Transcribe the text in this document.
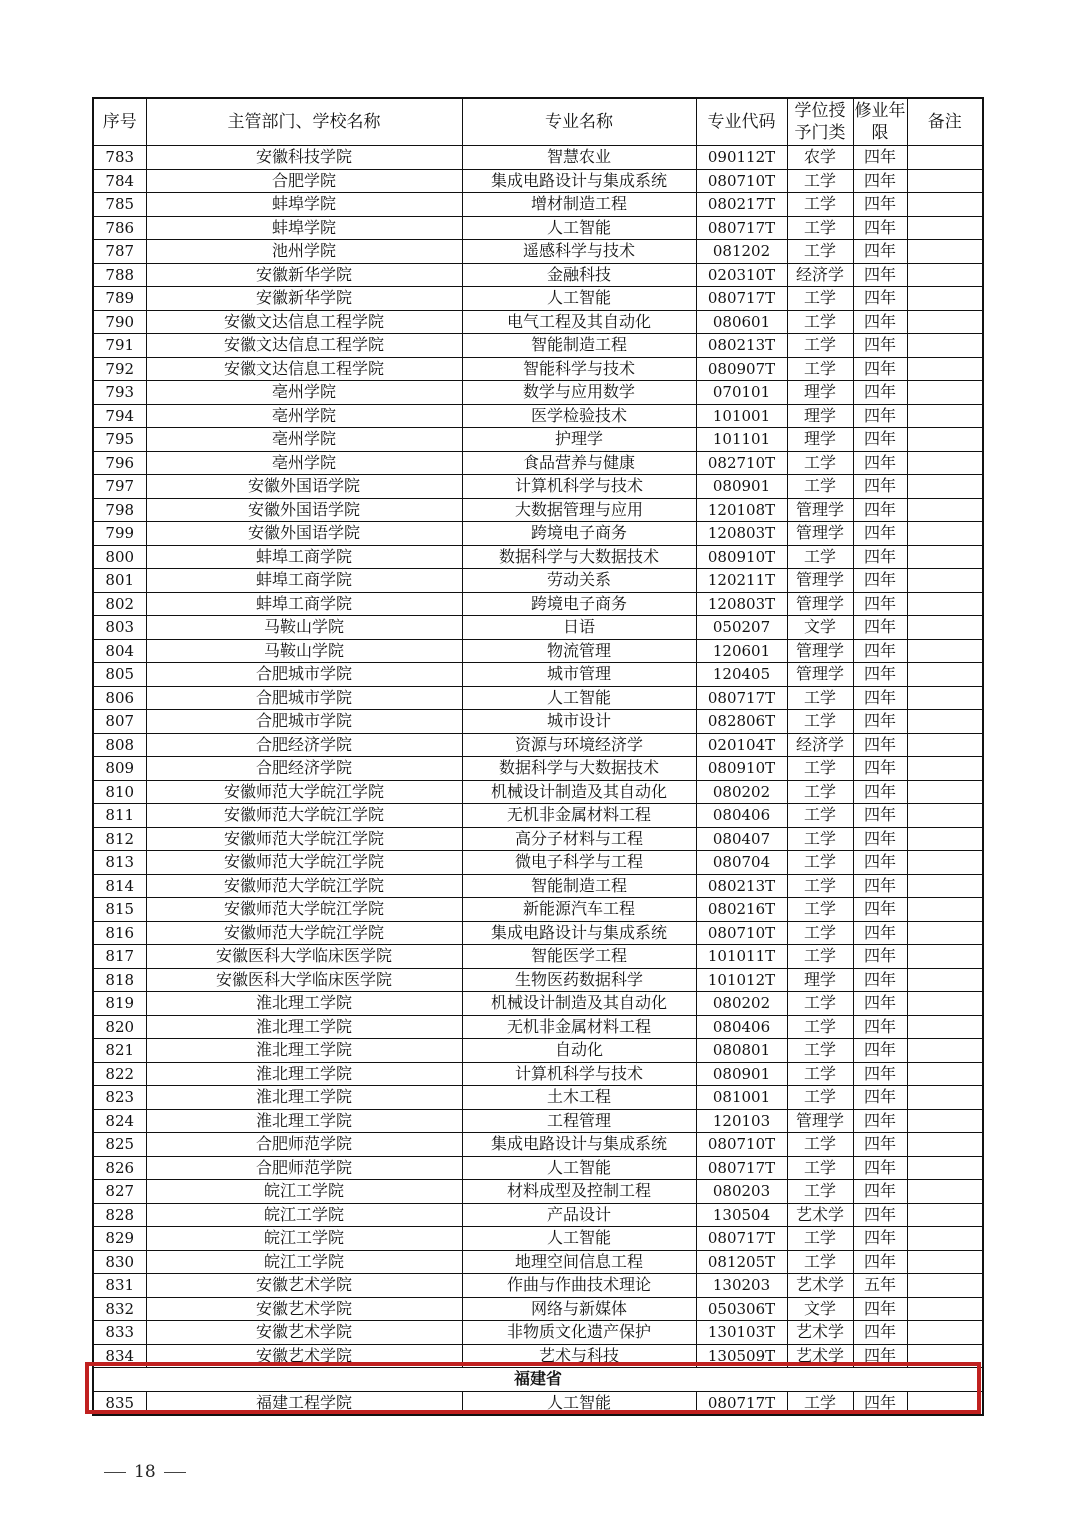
序号	主管部门、学校名称	专业名称	专业代码	学位授予门类	修业年限	备注
783	安徽科技学院	智慧农业	090112T	农学	四年	
784	合肥学院	集成电路设计与集成系统	080710T	工学	四年	
785	蚌埠学院	增材制造工程	080217T	工学	四年	
786	蚌埠学院	人工智能	080717T	工学	四年	
787	池州学院	遥感科学与技术	081202	工学	四年	
788	安徽新华学院	金融科技	020310T	经济学	四年	
789	安徽新华学院	人工智能	080717T	工学	四年	
790	安徽文达信息工程学院	电气工程及其自动化	080601	工学	四年	
791	安徽文达信息工程学院	智能制造工程	080213T	工学	四年	
792	安徽文达信息工程学院	智能科学与技术	080907T	工学	四年	
793	亳州学院	数学与应用数学	070101	理学	四年	
794	亳州学院	医学检验技术	101001	理学	四年	
795	亳州学院	护理学	101101	理学	四年	
796	亳州学院	食品营养与健康	082710T	工学	四年	
797	安徽外国语学院	计算机科学与技术	080901	工学	四年	
798	安徽外国语学院	大数据管理与应用	120108T	管理学	四年	
799	安徽外国语学院	跨境电子商务	120803T	管理学	四年	
800	蚌埠工商学院	数据科学与大数据技术	080910T	工学	四年	
801	蚌埠工商学院	劳动关系	120211T	管理学	四年	
802	蚌埠工商学院	跨境电子商务	120803T	管理学	四年	
803	马鞍山学院	日语	050207	文学	四年	
804	马鞍山学院	物流管理	120601	管理学	四年	
805	合肥城市学院	城市管理	120405	管理学	四年	
806	合肥城市学院	人工智能	080717T	工学	四年	
807	合肥城市学院	城市设计	082806T	工学	四年	
808	合肥经济学院	资源与环境经济学	020104T	经济学	四年	
809	合肥经济学院	数据科学与大数据技术	080910T	工学	四年	
810	安徽师范大学皖江学院	机械设计制造及其自动化	080202	工学	四年	
811	安徽师范大学皖江学院	无机非金属材料工程	080406	工学	四年	
812	安徽师范大学皖江学院	高分子材料与工程	080407	工学	四年	
813	安徽师范大学皖江学院	微电子科学与工程	080704	工学	四年	
814	安徽师范大学皖江学院	智能制造工程	080213T	工学	四年	
815	安徽师范大学皖江学院	新能源汽车工程	080216T	工学	四年	
816	安徽师范大学皖江学院	集成电路设计与集成系统	080710T	工学	四年	
817	安徽医科大学临床医学院	智能医学工程	101011T	工学	四年	
818	安徽医科大学临床医学院	生物医药数据科学	101012T	理学	四年	
819	淮北理工学院	机械设计制造及其自动化	080202	工学	四年	
820	淮北理工学院	无机非金属材料工程	080406	工学	四年	
821	淮北理工学院	自动化	080801	工学	四年	
822	淮北理工学院	计算机科学与技术	080901	工学	四年	
823	淮北理工学院	土木工程	081001	工学	四年	
824	淮北理工学院	工程管理	120103	管理学	四年	
825	合肥师范学院	集成电路设计与集成系统	080710T	工学	四年	
826	合肥师范学院	人工智能	080717T	工学	四年	
827	皖江工学院	材料成型及控制工程	080203	工学	四年	
828	皖江工学院	产品设计	130504	艺术学	四年	
829	皖江工学院	人工智能	080717T	工学	四年	
830	皖江工学院	地理空间信息工程	081205T	工学	四年	
831	安徽艺术学院	作曲与作曲技术理论	130203	艺术学	五年	
832	安徽艺术学院	网络与新媒体	050306T	文学	四年	
833	安徽艺术学院	非物质文化遗产保护	130103T	艺术学	四年	
834	安徽艺术学院	艺术与科技	130509T	艺术学	四年	
福建省						
835	福建工程学院	人工智能	080717T	工学	四年	
18
